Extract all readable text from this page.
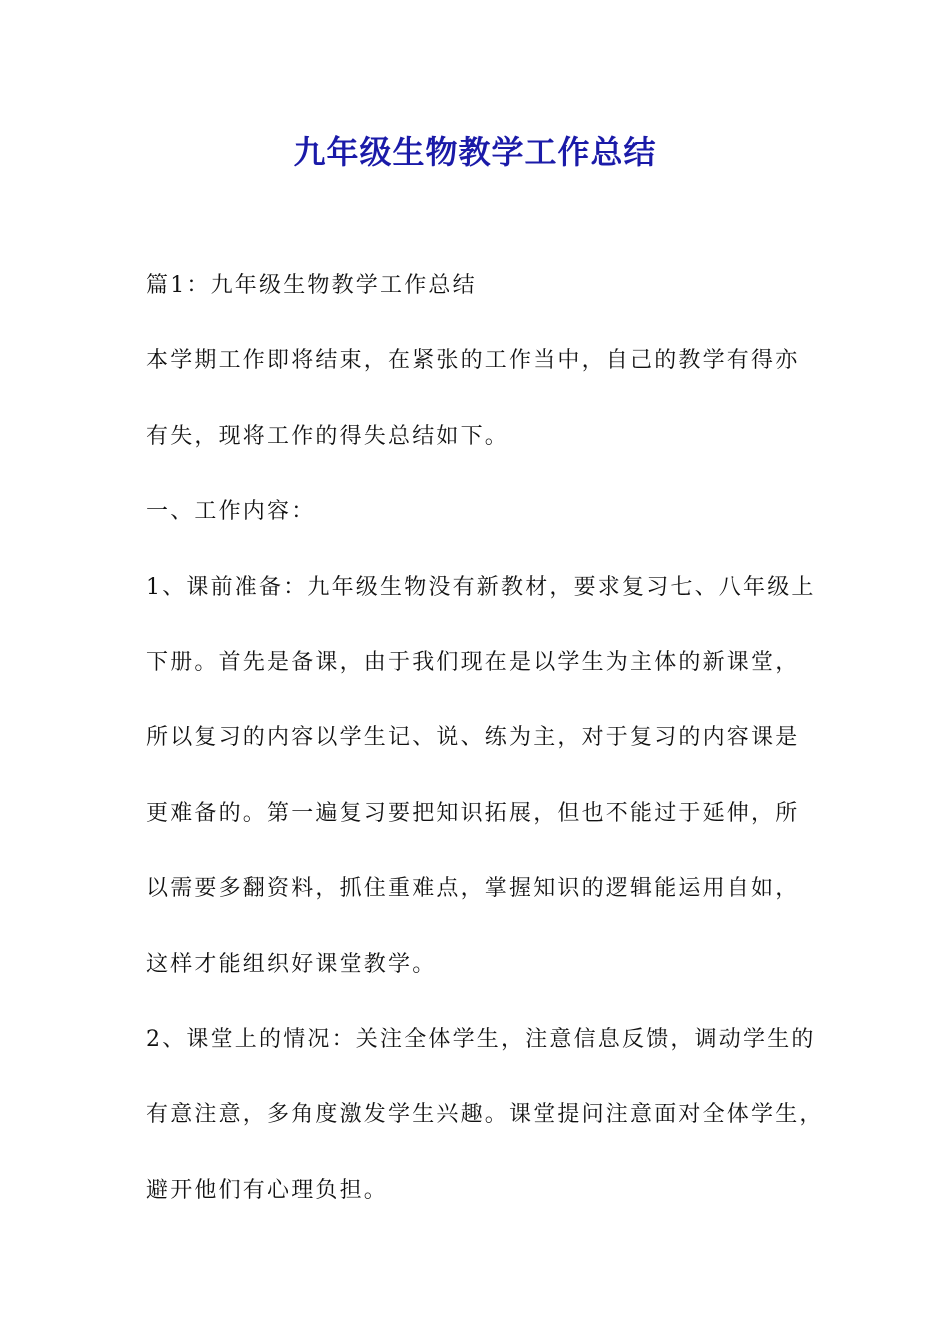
九年级生物教学工作总结

篇1：九年级生物教学工作总结

本学期工作即将结束，在紧张的工作当中，自己的教学有得亦

有失，现将工作的得失总结如下。

一、工作内容：

1、课前准备：九年级生物没有新教材，要求复习七、八年级上

下册。首先是备课，由于我们现在是以学生为主体的新课堂，

所以复习的内容以学生记、说、练为主，对于复习的内容课是

更难备的。第一遍复习要把知识拓展，但也不能过于延伸，所

以需要多翻资料，抓住重难点，掌握知识的逻辑能运用自如，

这样才能组织好课堂教学。

2、课堂上的情况：关注全体学生，注意信息反馈，调动学生的

有意注意，多角度激发学生兴趣。课堂提问注意面对全体学生，

避开他们有心理负担。
